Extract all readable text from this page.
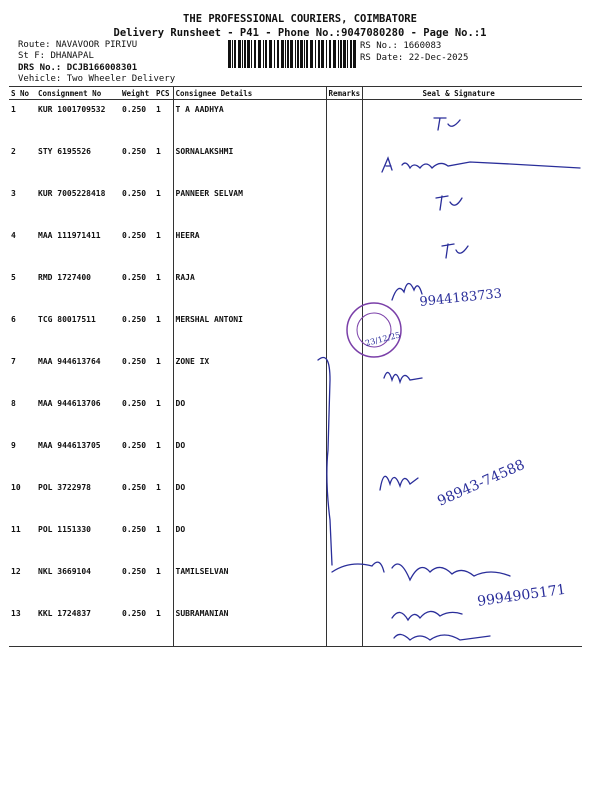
THE PROFESSIONAL COURIERS, COIMBATORE
Delivery Runsheet - P41 - Phone No.:9047080280 - Page No.:1
Route: NAVAVOOR PIRIVU
St F: DHANAPAL
DRS No.: DCJB166008301
Vehicle: Two Wheeler Delivery
RS No.: 1660083
RS Date: 22-Dec-2025
S No	Consignment No	Weight	PCS	Consignee Details	Remarks	Seal & Signature
1	KUR 1001709532	0.250	1	T A AADHYA		
2	STY 6195526	0.250	1	SORNALAKSHMI		
3	KUR 7005228418	0.250	1	PANNEER SELVAM		
4	MAA 111971411	0.250	1	HEERA		
5	RMD 1727400	0.250	1	RAJA		
6	TCG 80017511	0.250	1	MERSHAL ANTONI		
7	MAA 944613764	0.250	1	ZONE IX		
8	MAA 944613706	0.250	1	DO		
9	MAA 944613705	0.250	1	DO		
10	POL 3722978	0.250	1	DO		
11	POL 1151330	0.250	1	DO		
12	NKL 3669104	0.250	1	TAMILSELVAN		
13	KKL 1724837	0.250	1	SUBRAMANIAN		
9944183733
23/12/25
98943-74588
9994905171
